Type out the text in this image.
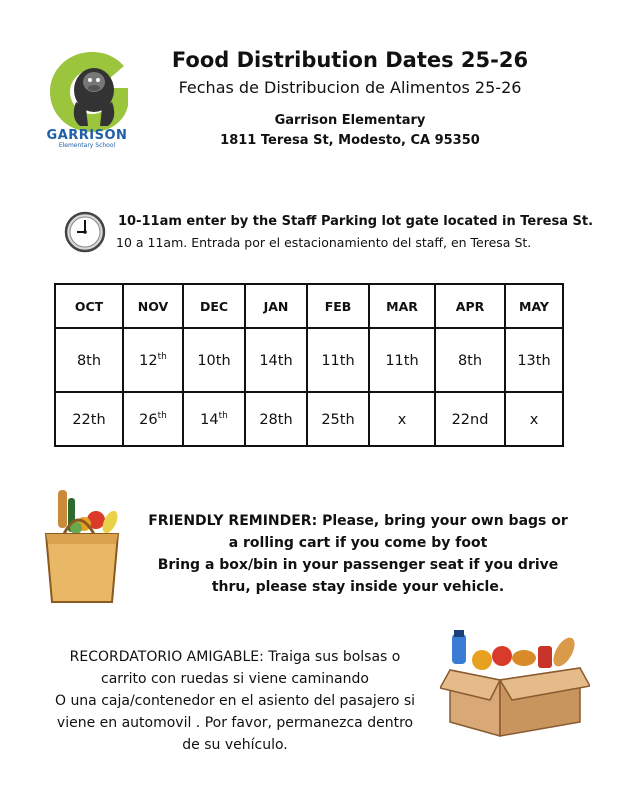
GARRISON
Elementary School
Food Distribution Dates 25-26
Fechas de Distribucion de Alimentos 25-26
Garrison Elementary
1811 Teresa St, Modesto, CA 95350
10-11am enter by the Staff Parking lot gate located in Teresa St.
10 a 11am. Entrada por el estacionamiento del staff, en Teresa St.
OCT	NOV	DEC	JAN	FEB	MAR	APR	MAY
8th	12th	10th	14th	11th	11th	8th	13th
22th	26th	14th	28th	25th	x	22nd	x
FRIENDLY REMINDER: Please, bring your own bags or
a rolling cart if you come by foot
Bring a box/bin in your passenger seat if you drive
thru, please stay inside your vehicle.
RECORDATORIO AMIGABLE: Traiga sus bolsas o
carrito con ruedas si viene caminando
O una caja/contenedor en el asiento del pasajero si
viene en automovil . Por favor, permanezca dentro
de su vehículo.
